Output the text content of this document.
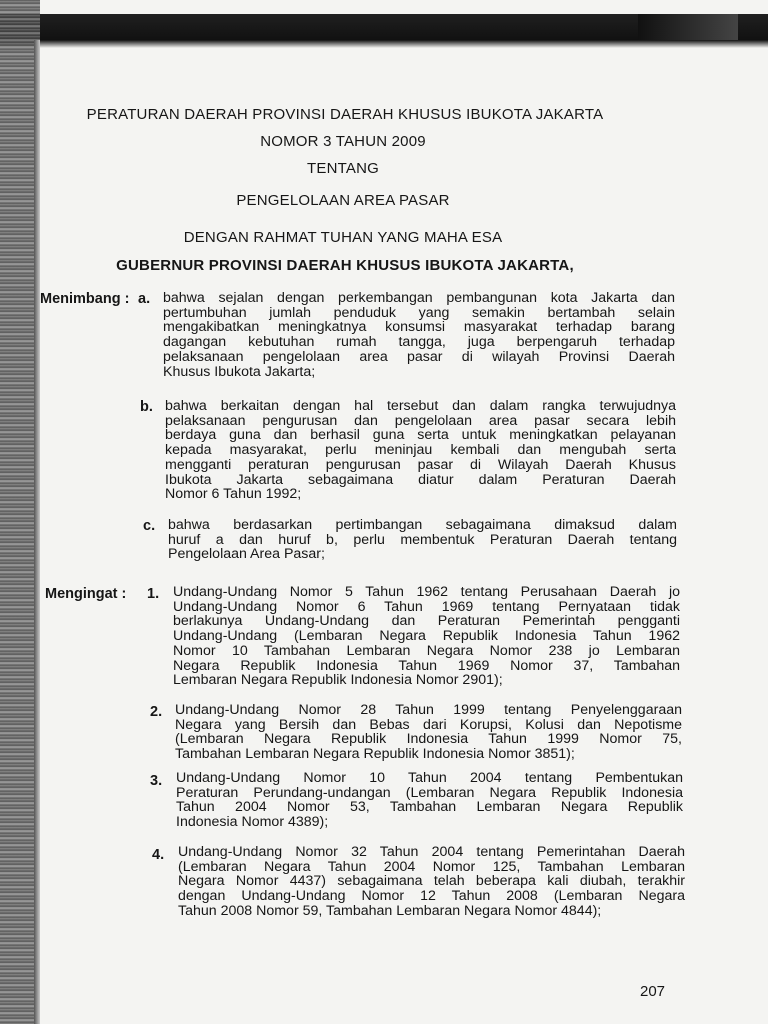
PERATURAN DAERAH PROVINSI DAERAH KHUSUS IBUKOTA JAKARTA
NOMOR 3 TAHUN 2009
TENTANG
PENGELOLAAN AREA PASAR
DENGAN RAHMAT TUHAN YANG MAHA ESA
GUBERNUR PROVINSI DAERAH KHUSUS IBUKOTA JAKARTA,
Menimbang : a. bahwa sejalan dengan perkembangan pembangunan kota Jakarta dan
pertumbuhan jumlah penduduk yang semakin bertambah selain
mengakibatkan meningkatnya konsumsi masyarakat terhadap barang
dagangan kebutuhan rumah tangga, juga berpengaruh terhadap
pelaksanaan pengelolaan area pasar di wilayah Provinsi Daerah
Khusus Ibukota Jakarta;
b. bahwa berkaitan dengan hal tersebut dan dalam rangka terwujudnya
pelaksanaan pengurusan dan pengelolaan area pasar secara lebih
berdaya guna dan berhasil guna serta untuk meningkatkan pelayanan
kepada masyarakat, perlu meninjau kembali dan mengubah serta
mengganti peraturan pengurusan pasar di Wilayah Daerah Khusus
Ibukota Jakarta sebagaimana diatur dalam Peraturan Daerah
Nomor 6 Tahun 1992;
c. bahwa berdasarkan pertimbangan sebagaimana dimaksud dalam
huruf a dan huruf b, perlu membentuk Peraturan Daerah tentang
Pengelolaan Area Pasar;
Mengingat : 1. Undang-Undang Nomor 5 Tahun 1962 tentang Perusahaan Daerah jo
Undang-Undang Nomor 6 Tahun 1969 tentang Pernyataan tidak
berlakunya Undang-Undang dan Peraturan Pemerintah pengganti
Undang-Undang (Lembaran Negara Republik Indonesia Tahun 1962
Nomor 10 Tambahan Lembaran Negara Nomor 238 jo Lembaran
Negara Republik Indonesia Tahun 1969 Nomor 37, Tambahan
Lembaran Negara Republik Indonesia Nomor 2901);
2. Undang-Undang Nomor 28 Tahun 1999 tentang Penyelenggaraan
Negara yang Bersih dan Bebas dari Korupsi, Kolusi dan Nepotisme
(Lembaran Negara Republik Indonesia Tahun 1999 Nomor 75,
Tambahan Lembaran Negara Republik Indonesia Nomor 3851);
3. Undang-Undang Nomor 10 Tahun 2004 tentang Pembentukan
Peraturan Perundang-undangan (Lembaran Negara Republik Indonesia
Tahun 2004 Nomor 53, Tambahan Lembaran Negara Republik
Indonesia Nomor 4389);
4. Undang-Undang Nomor 32 Tahun 2004 tentang Pemerintahan Daerah
(Lembaran Negara Tahun 2004 Nomor 125, Tambahan Lembaran
Negara Nomor 4437) sebagaimana telah beberapa kali diubah, terakhir
dengan Undang-Undang Nomor 12 Tahun 2008 (Lembaran Negara
Tahun 2008 Nomor 59, Tambahan Lembaran Negara Nomor 4844);
207
